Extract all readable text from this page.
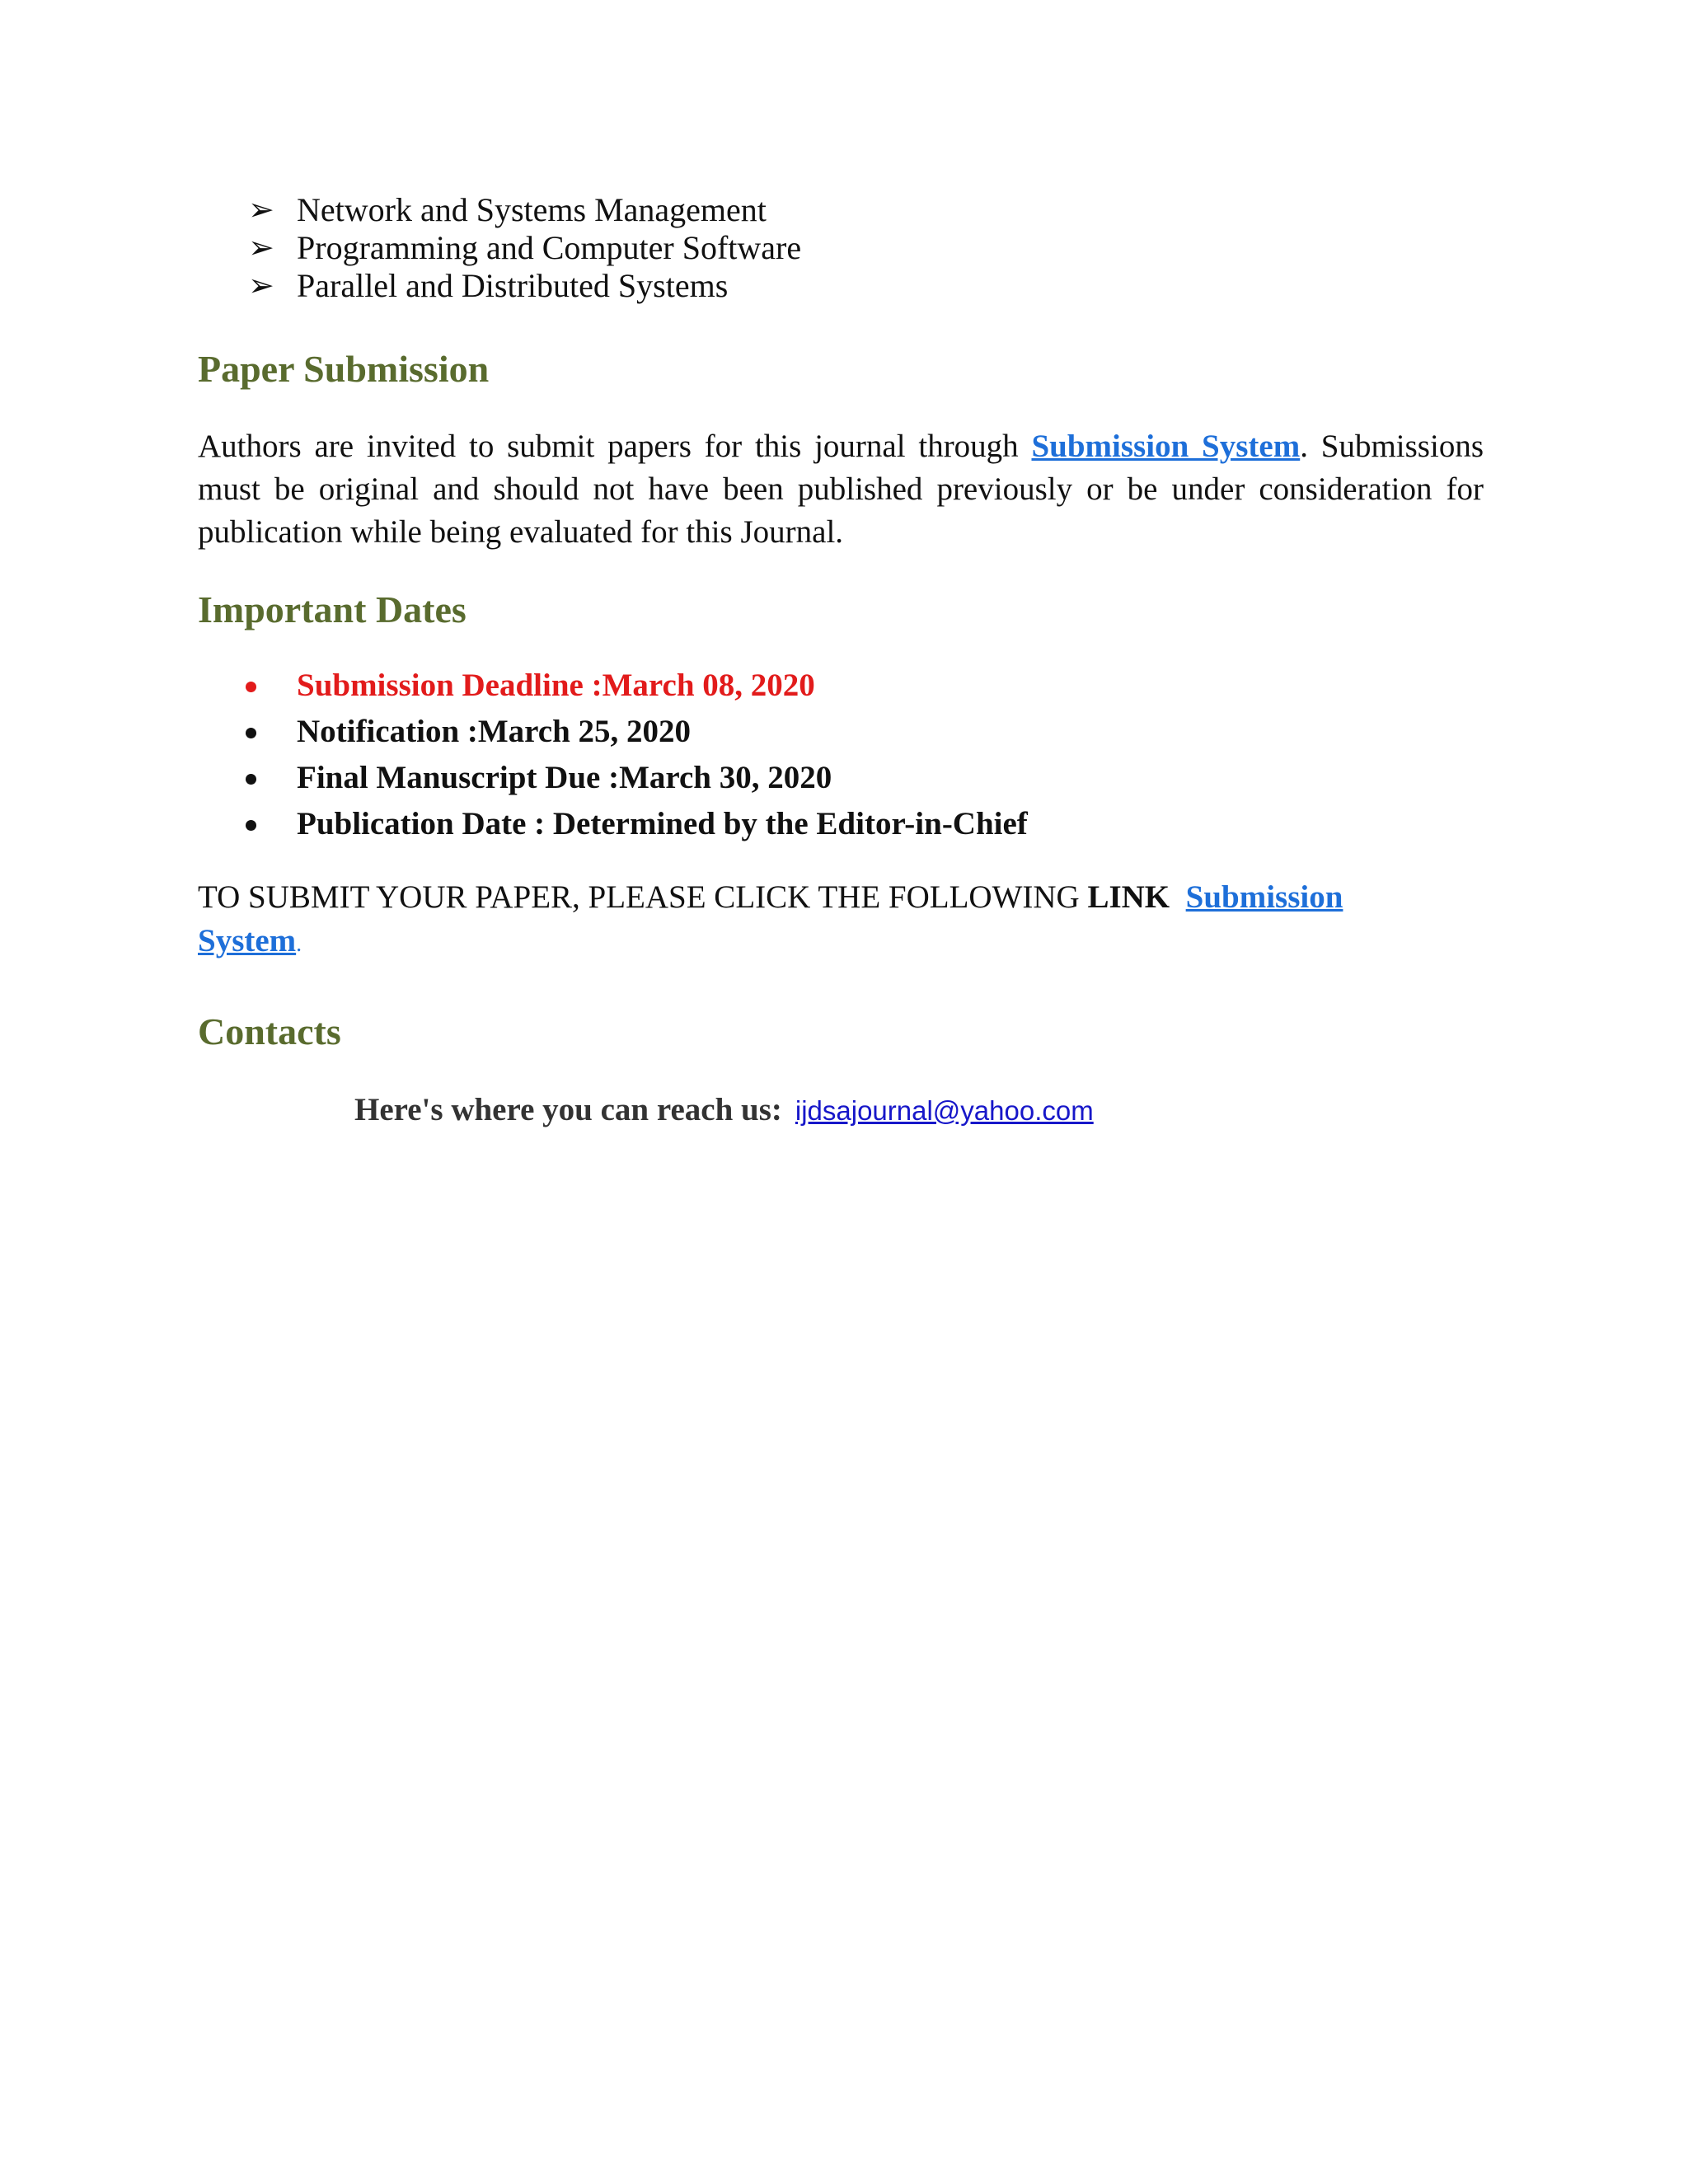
➢ Network and Systems Management
➢ Programming and Computer Software
➢ Parallel and Distributed Systems
Paper Submission

Authors are invited to submit papers for this journal through Submission System. Submissions must be original and should not have been published previously or be under consideration for publication while being evaluated for this Journal.

Important Dates
Submission Deadline :March 08, 2020
Notification :March 25, 2020
Final Manuscript Due :March 30, 2020
Publication Date : Determined by the Editor-in-Chief

TO SUBMIT YOUR PAPER, PLEASE CLICK THE FOLLOWING LINK Submission System.

Contacts

Here's where you can reach us: ijdsajournal@yahoo.com
